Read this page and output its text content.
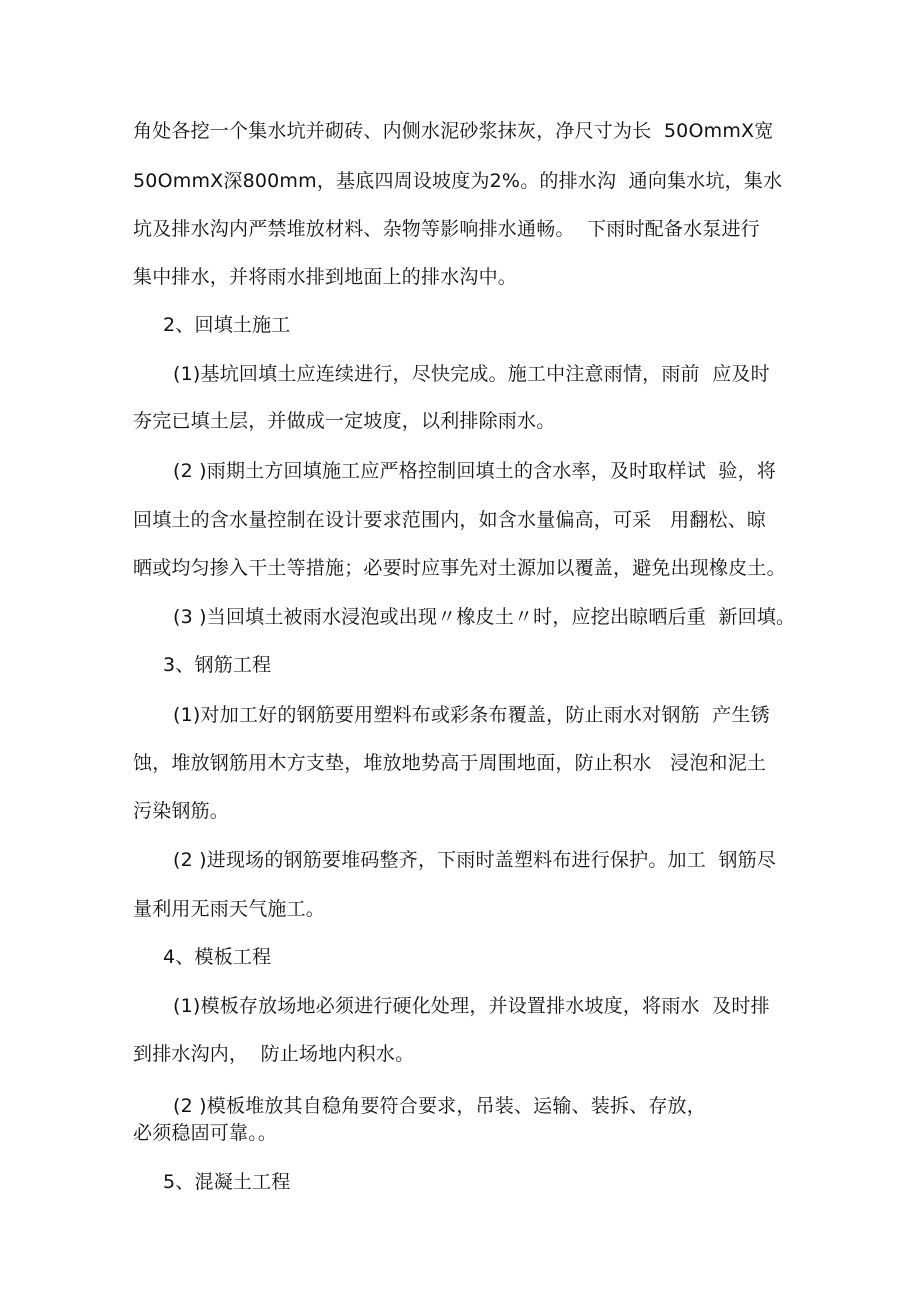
角处各挖一个集水坑并砌砖、内侧水泥砂浆抹灰，净尺寸为长  50OmmX宽
50OmmX深800mm，基底四周设坡度为2%。的排水沟  通向集水坑，集水
坑及排水沟内严禁堆放材料、杂物等影响排水通畅。  下雨时配备水泵进行
集中排水，并将雨水排到地面上的排水沟中。
2、回填土施工
(1)基坑回填土应连续进行，尽快完成。施工中注意雨情，雨前  应及时
夯完已填土层，并做成一定坡度，以利排除雨水。
(2 )雨期土方回填施工应严格控制回填土的含水率，及时取样试  验，将
回填土的含水量控制在设计要求范围内，如含水量偏高，可采   用翻松、晾
晒或均匀掺入干土等措施；必要时应事先对土源加以覆盖，避免出现橡皮土。
(3 )当回填土被雨水浸泡或出现〃橡皮土〃时，应挖出晾晒后重  新回填。
3、钢筋工程
(1)对加工好的钢筋要用塑料布或彩条布覆盖，防止雨水对钢筋  产生锈
蚀，堆放钢筋用木方支垫，堆放地势高于周围地面，防止积水   浸泡和泥土
污染钢筋。
(2 )进现场的钢筋要堆码整齐，下雨时盖塑料布进行保护。加工  钢筋尽
量利用无雨天气施工。
4、模板工程
(1)模板存放场地必须进行硬化处理，并设置排水坡度，将雨水  及时排
到排水沟内，  防止场地内积水。
(2 )模板堆放其自稳角要符合要求，吊装、运输、装拆、存放，
必须稳固可靠。。
5、混凝土工程
